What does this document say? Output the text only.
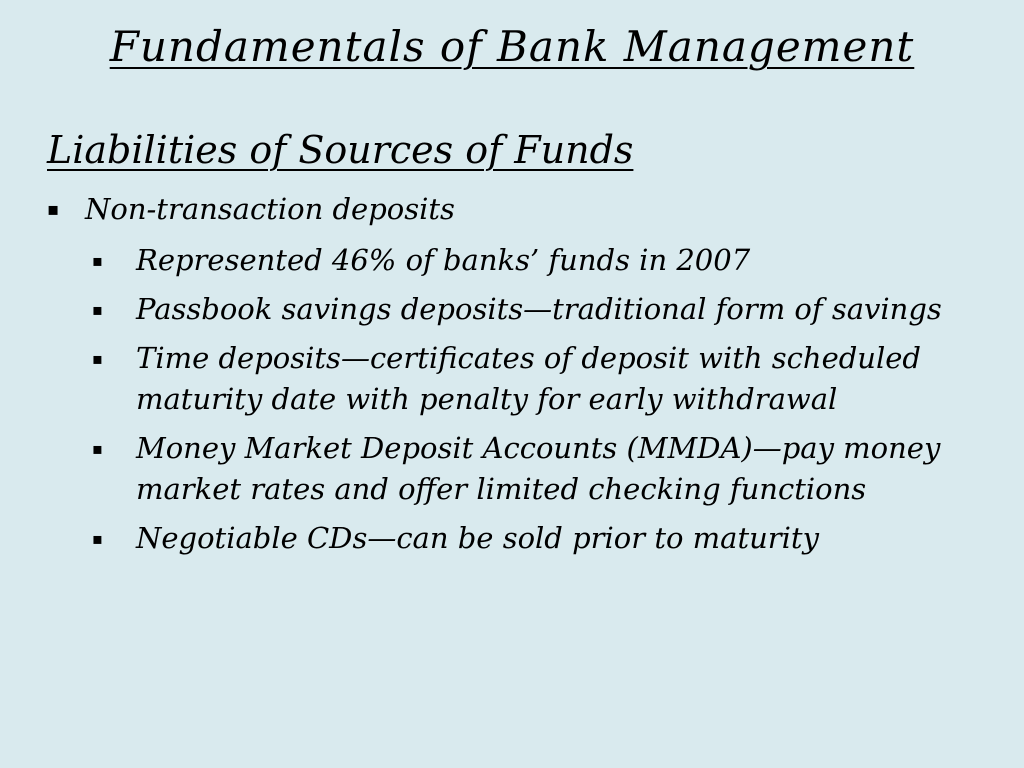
Fundamentals of Bank Management
Liabilities of Sources of Funds
▪ Non-transaction deposits
▪ Represented 46% of banks’ funds in 2007
▪ Passbook savings deposits—traditional form of savings
▪ Time deposits—certificates of deposit with scheduled maturity date with penalty for early withdrawal
▪ Money Market Deposit Accounts (MMDA)—pay money market rates and offer limited checking functions
▪ Negotiable CDs—can be sold prior to maturity
